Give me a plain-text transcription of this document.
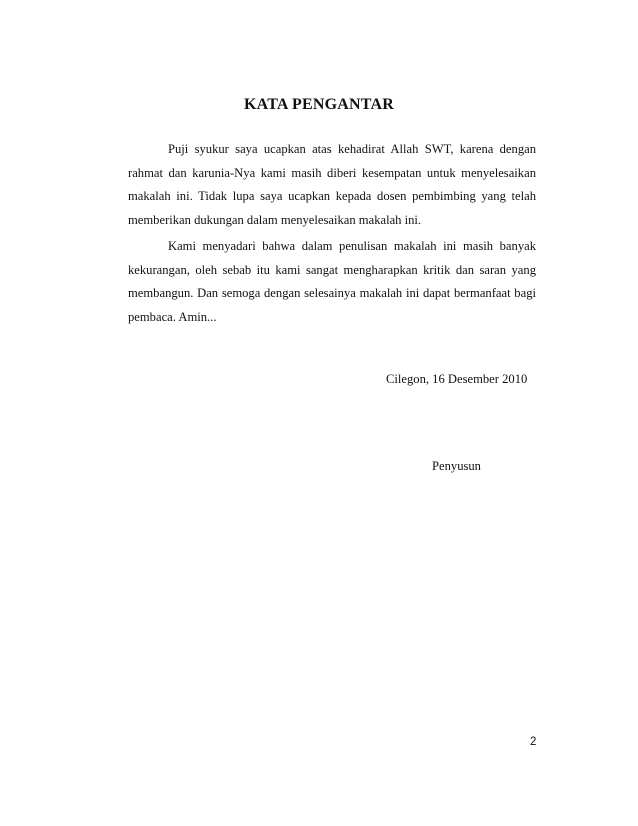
KATA PENGANTAR

Puji syukur saya ucapkan atas kehadirat Allah SWT, karena dengan rahmat dan karunia-Nya kami masih diberi kesempatan untuk menyelesaikan makalah ini. Tidak lupa saya ucapkan kepada dosen pembimbing yang telah memberikan dukungan dalam menyelesaikan makalah ini.

Kami menyadari bahwa dalam penulisan makalah ini masih banyak kekurangan, oleh sebab itu kami sangat mengharapkan kritik dan saran yang membangun. Dan semoga dengan selesainya makalah ini dapat bermanfaat bagi pembaca. Amin...

Cilegon, 16 Desember 2010
Penyusun
2
